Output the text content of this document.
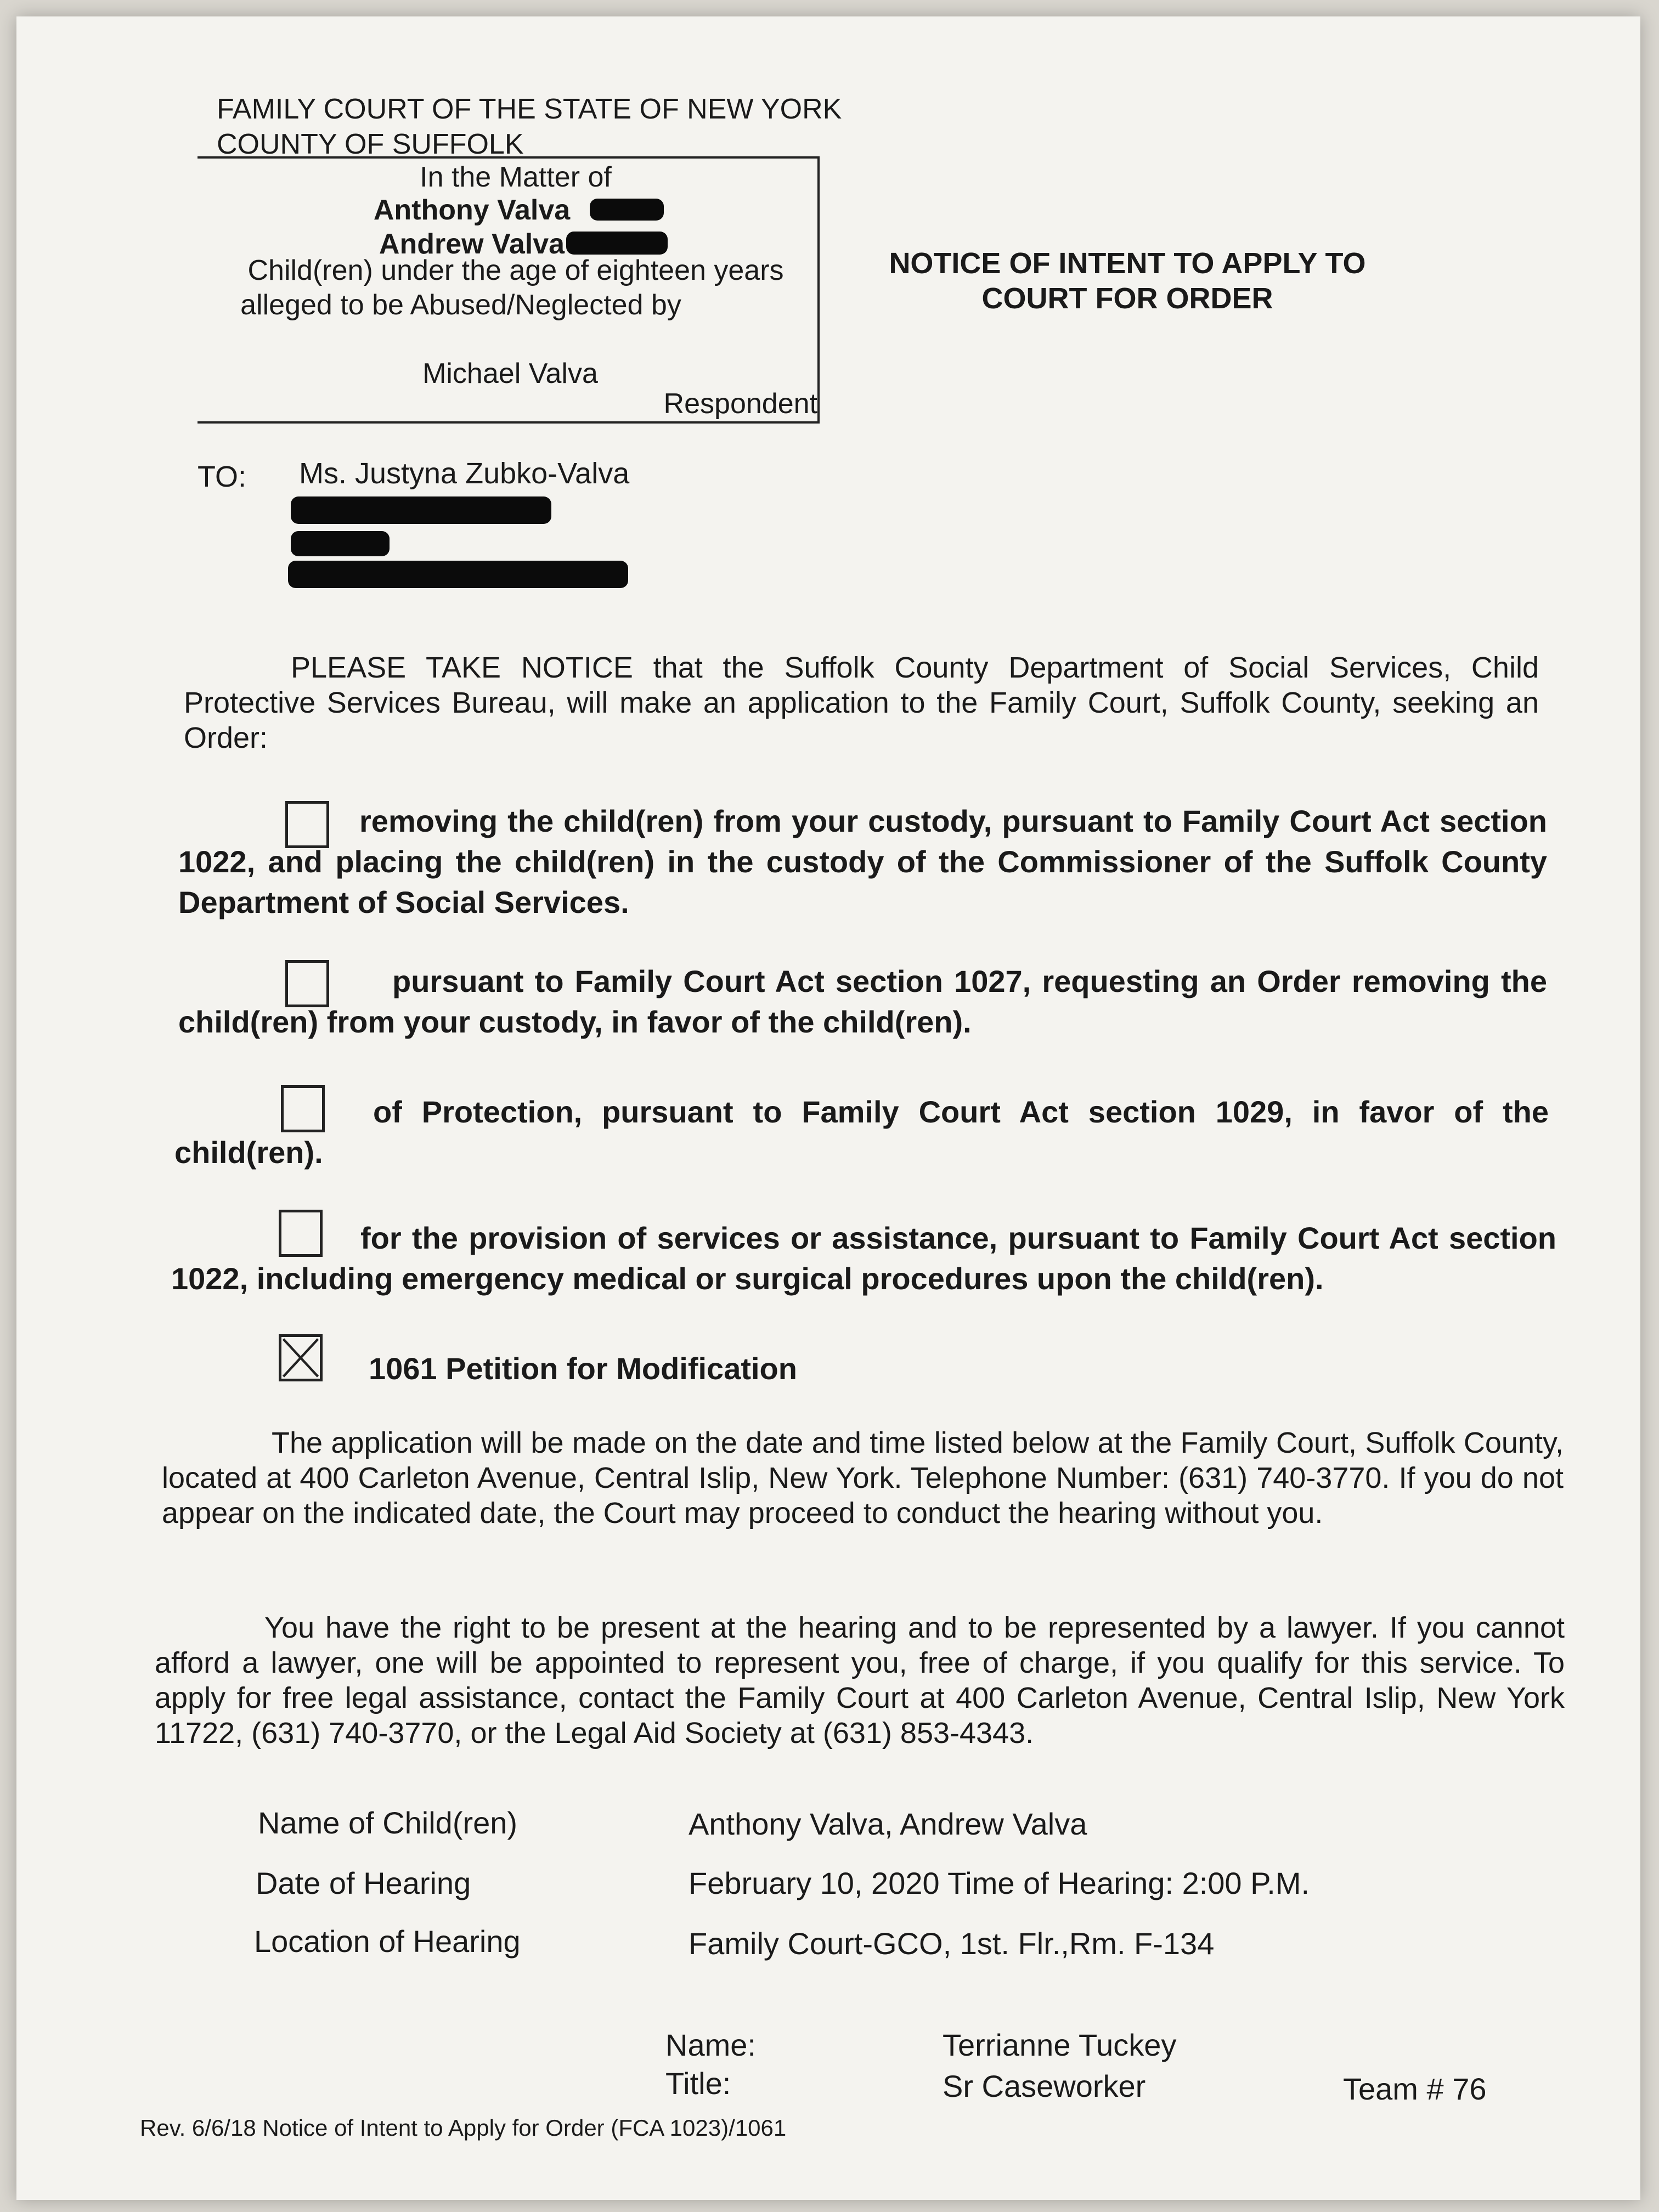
FAMILY COURT OF THE STATE OF NEW YORK
COUNTY OF SUFFOLK
In the Matter of
Anthony Valva
Andrew Valva
Child(ren) under the age of eighteen years
alleged to be Abused/Neglected by
Michael Valva
Respondent
NOTICE OF INTENT TO APPLY TO
COURT FOR ORDER
TO: Ms. Justyna Zubko-Valva
PLEASE TAKE NOTICE that the Suffolk County Department of Social Services, Child Protective Services Bureau, will make an application to the Family Court, Suffolk County, seeking an Order:
removing the child(ren) from your custody, pursuant to Family Court Act section 1022, and placing the child(ren) in the custody of the Commissioner of the Suffolk County Department of Social Services.
pursuant to Family Court Act section 1027, requesting an Order removing the child(ren) from your custody, in favor of the child(ren).
of Protection, pursuant to Family Court Act section 1029, in favor of the child(ren).
for the provision of services or assistance, pursuant to Family Court Act section 1022, including emergency medical or surgical procedures upon the child(ren).
1061 Petition for Modification
The application will be made on the date and time listed below at the Family Court, Suffolk County, located at 400 Carleton Avenue, Central Islip, New York. Telephone Number: (631) 740-3770. If you do not appear on the indicated date, the Court may proceed to conduct the hearing without you.
You have the right to be present at the hearing and to be represented by a lawyer. If you cannot afford a lawyer, one will be appointed to represent you, free of charge, if you qualify for this service. To apply for free legal assistance, contact the Family Court at 400 Carleton Avenue, Central Islip, New York 11722, (631) 740-3770, or the Legal Aid Society at (631) 853-4343.
Name of Child(ren)	Anthony Valva, Andrew Valva
Date of Hearing	February 10, 2020 Time of Hearing: 2:00 P.M.
Location of Hearing	Family Court-GCO, 1st. Flr.,Rm. F-134
Name:	Terrianne Tuckey
Title:	Sr Caseworker	Team # 76
Rev. 6/6/18 Notice of Intent to Apply for Order (FCA 1023)/1061
